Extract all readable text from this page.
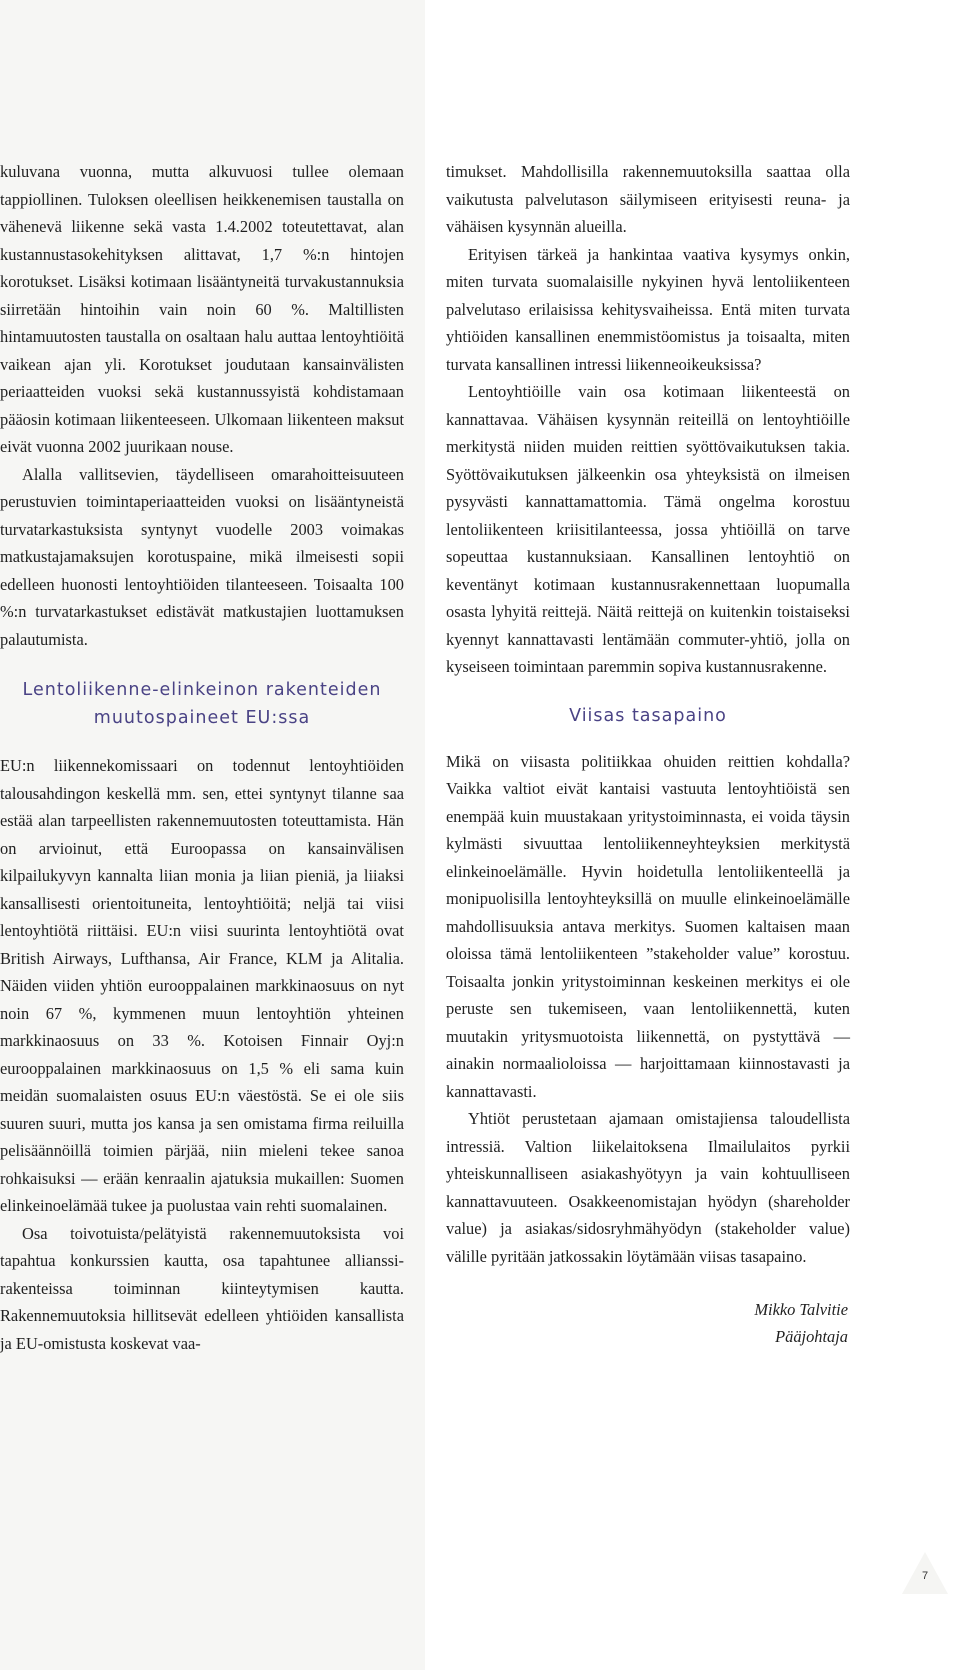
kuluvana vuonna, mutta alkuvuosi tullee olemaan tappiollinen. Tuloksen oleellisen heikkenemisen taustalla on vähenevä liikenne sekä vasta 1.4.2002 toteutettavat, alan kustannustasokehityksen alittavat, 1,7 %:n hintojen korotukset. Lisäksi kotimaan lisääntyneitä turvakustannuksia siirretään hintoihin vain noin 60 %. Maltillisten hintamuutosten taustalla on osaltaan halu auttaa lentoyhtiöitä vaikean ajan yli. Korotukset joudutaan kansainvälisten periaatteiden vuoksi sekä kustannussyistä kohdistamaan pääosin kotimaan liikenteeseen. Ulkomaan liikenteen maksut eivät vuonna 2002 juurikaan nouse.

Alalla vallitsevien, täydelliseen omarahoitteisuuteen perustuvien toimintaperiaatteiden vuoksi on lisääntyneistä turvatarkastuksista syntynyt vuodelle 2003 voimakas matkustajamaksujen korotuspaine, mikä ilmeisesti sopii edelleen huonosti lentoyhtiöiden tilanteeseen. Toisaalta 100 %:n turvatarkastukset edistävät matkustajien luottamuksen palautumista.

Lentoliikenne-elinkeinon rakenteiden
muutospaineet EU:ssa

EU:n liikennekomissaari on todennut lentoyhtiöiden talousahdingon keskellä mm. sen, ettei syntynyt tilanne saa estää alan tarpeellisten rakennemuutosten toteuttamista. Hän on arvioinut, että Euroopassa on kansainvälisen kilpailukyvyn kannalta liian monia ja liian pieniä, ja liiaksi kansallisesti orientoituneita, lentoyhtiöitä; neljä tai viisi lentoyhtiötä riittäisi. EU:n viisi suurinta lentoyhtiötä ovat British Airways, Lufthansa, Air France, KLM ja Alitalia. Näiden viiden yhtiön eurooppalainen markkinaosuus on nyt noin 67 %, kymmenen muun lentoyhtiön yhteinen markkinaosuus on 33 %. Kotoisen Finnair Oyj:n eurooppalainen markkinaosuus on 1,5 % eli sama kuin meidän suomalaisten osuus EU:n väestöstä. Se ei ole siis suuren suuri, mutta jos kansa ja sen omistama firma reiluilla pelisäännöillä toimien pärjää, niin mieleni tekee sanoa rohkaisuksi — erään kenraalin ajatuksia mukaillen: Suomen elinkeinoelämää tukee ja puolustaa vain rehti suomalainen.

Osa toivotuista/pelätyistä rakennemuutoksista voi tapahtua konkurssien kautta, osa tapahtunee allianssi-rakenteissa toiminnan kiinteytymisen kautta. Rakennemuutoksia hillitsevät edelleen yhtiöiden kansallista ja EU-omistusta koskevat vaa-

timukset. Mahdollisilla rakennemuutoksilla saattaa olla vaikutusta palvelutason säilymiseen erityisesti reuna- ja vähäisen kysynnän alueilla.

Erityisen tärkeä ja hankintaa vaativa kysymys onkin, miten turvata suomalaisille nykyinen hyvä lentoliikenteen palvelutaso erilaisissa kehitysvaiheissa. Entä miten turvata yhtiöiden kansallinen enemmistöomistus ja toisaalta, miten turvata kansallinen intressi liikenneoikeuksissa?

Lentoyhtiöille vain osa kotimaan liikenteestä on kannattavaa. Vähäisen kysynnän reiteillä on lentoyhtiöille merkitystä niiden muiden reittien syöttövaikutuksen takia. Syöttövaikutuksen jälkeenkin osa yhteyksistä on ilmeisen pysyvästi kannattamattomia. Tämä ongelma korostuu lentoliikenteen kriisitilanteessa, jossa yhtiöillä on tarve sopeuttaa kustannuksiaan. Kansallinen lentoyhtiö on keventänyt kotimaan kustannusrakennettaan luopumalla osasta lyhyitä reittejä. Näitä reittejä on kuitenkin toistaiseksi kyennyt kannattavasti lentämään commuter-yhtiö, jolla on kyseiseen toimintaan paremmin sopiva kustannusrakenne.

Viisas tasapaino

Mikä on viisasta politiikkaa ohuiden reittien kohdalla? Vaikka valtiot eivät kantaisi vastuuta lentoyhtiöistä sen enempää kuin muustakaan yritystoiminnasta, ei voida täysin kylmästi sivuuttaa lentoliikenneyhteyksien merkitystä elinkeinoelämälle. Hyvin hoidetulla lentoliikenteellä ja monipuolisilla lentoyhteyksillä on muulle elinkeinoelämälle mahdollisuuksia antava merkitys. Suomen kaltaisen maan oloissa tämä lentoliikenteen ”stakeholder value” korostuu. Toisaalta jonkin yritystoiminnan keskeinen merkitys ei ole peruste sen tukemiseen, vaan lentoliikennettä, kuten muutakin yritysmuotoista liikennettä, on pystyttävä — ainakin normaalioloissa — harjoittamaan kiinnostavasti ja kannattavasti.

Yhtiöt perustetaan ajamaan omistajiensa taloudellista intressiä. Valtion liikelaitoksena Ilmailulaitos pyrkii yhteiskunnalliseen asiakashyötyyn ja vain kohtuulliseen kannattavuuteen. Osakkeenomistajan hyödyn (shareholder value) ja asiakas/sidosryhmähyödyn (stakeholder value) välille pyritään jatkossakin löytämään viisas tasapaino.

Mikko Talvitie
Pääjohtaja
7
